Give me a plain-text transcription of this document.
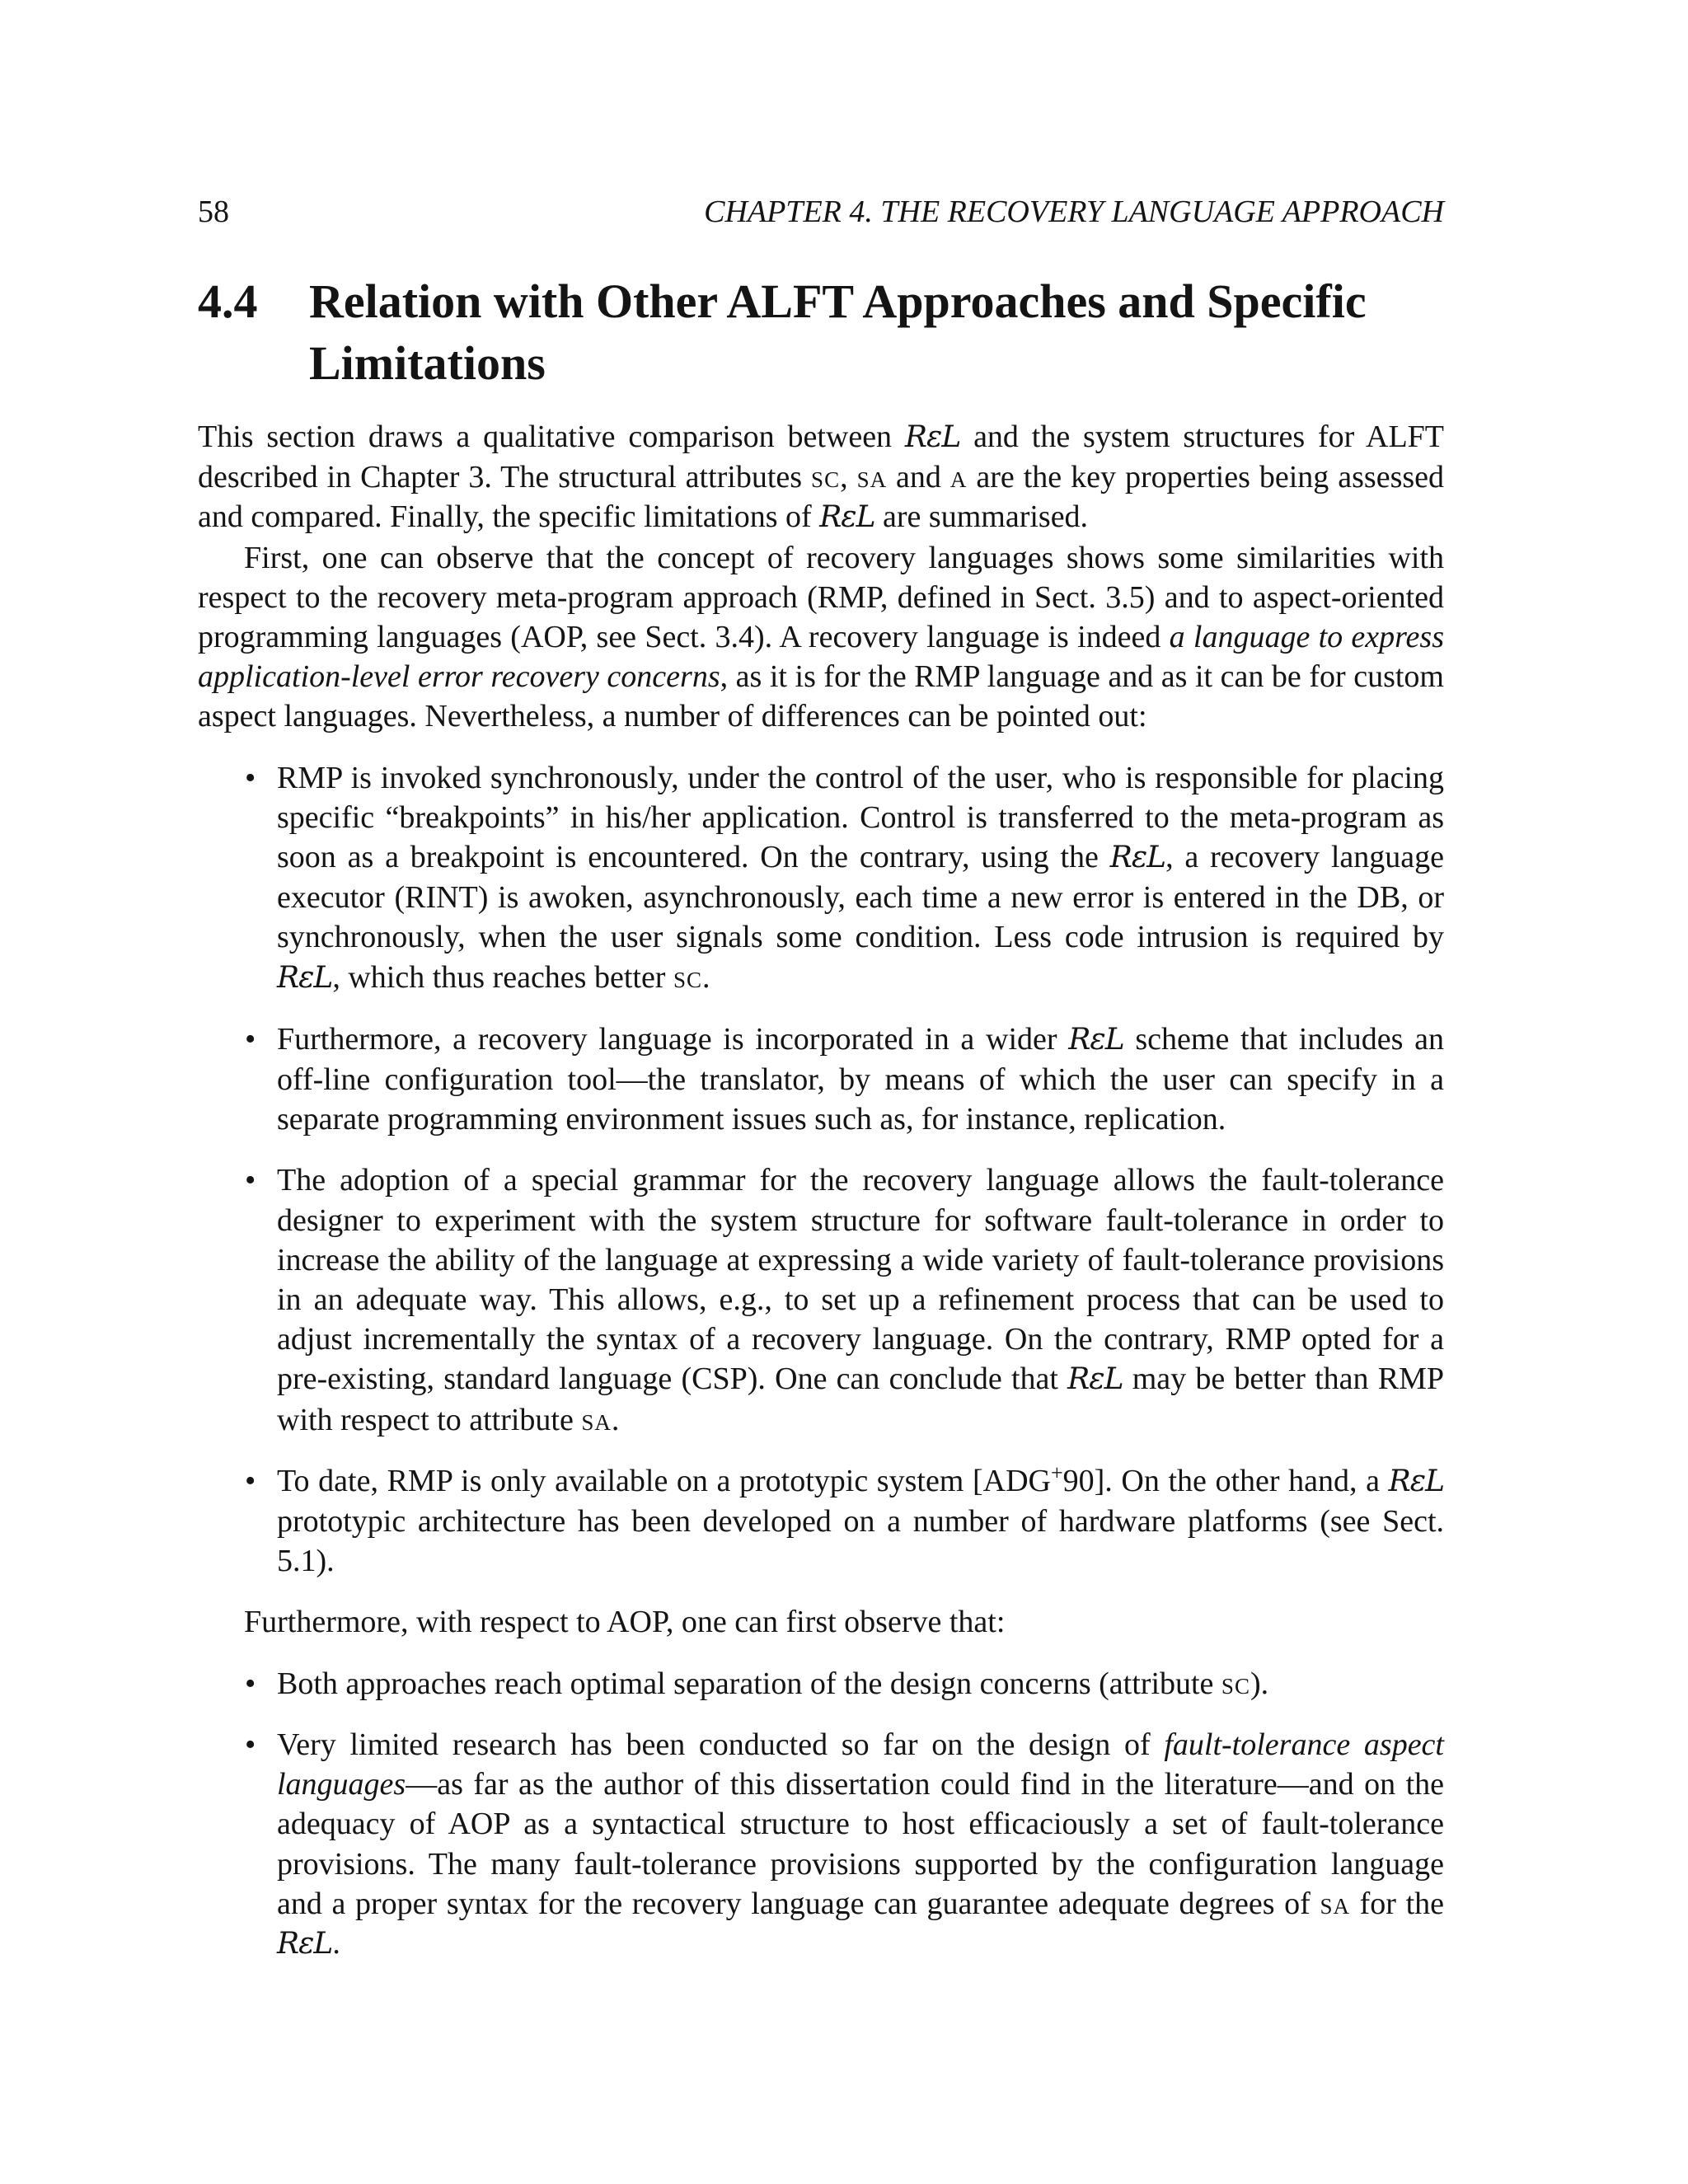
58	CHAPTER 4. THE RECOVERY LANGUAGE APPROACH
4.4	Relation with Other ALFT Approaches and Specific Limitations

This section draws a qualitative comparison between RεL and the system structures for ALFT described in Chapter 3. The structural attributes sc, sa and a are the key properties being assessed and compared. Finally, the specific limitations of RεL are summarised.

First, one can observe that the concept of recovery languages shows some similarities with respect to the recovery meta-program approach (RMP, defined in Sect. 3.5) and to aspect-oriented programming languages (AOP, see Sect. 3.4). A recovery language is indeed a language to express application-level error recovery concerns, as it is for the RMP language and as it can be for custom aspect languages. Nevertheless, a number of differences can be pointed out:

• RMP is invoked synchronously, under the control of the user, who is responsible for placing specific “breakpoints” in his/her application. Control is transferred to the meta-program as soon as a breakpoint is encountered. On the contrary, using the RεL, a recovery language executor (RINT) is awoken, asynchronously, each time a new error is entered in the DB, or synchronously, when the user signals some condition. Less code intrusion is required by RεL, which thus reaches better sc.
• Furthermore, a recovery language is incorporated in a wider RεL scheme that includes an off-line configuration tool—the translator, by means of which the user can specify in a separate programming environment issues such as, for instance, replication.
• The adoption of a special grammar for the recovery language allows the fault-tolerance designer to experiment with the system structure for software fault-tolerance in order to increase the ability of the language at expressing a wide variety of fault-tolerance provisions in an adequate way. This allows, e.g., to set up a refinement process that can be used to adjust incrementally the syntax of a recovery language. On the contrary, RMP opted for a pre-existing, standard language (CSP). One can conclude that RεL may be better than RMP with respect to attribute sa.
• To date, RMP is only available on a prototypic system [ADG+90]. On the other hand, a RεL prototypic architecture has been developed on a number of hardware platforms (see Sect. 5.1).

Furthermore, with respect to AOP, one can first observe that:

• Both approaches reach optimal separation of the design concerns (attribute sc).
• Very limited research has been conducted so far on the design of fault-tolerance aspect languages—as far as the author of this dissertation could find in the literature—and on the adequacy of AOP as a syntactical structure to host efficaciously a set of fault-tolerance provisions. The many fault-tolerance provisions supported by the configuration language and a proper syntax for the recovery language can guarantee adequate degrees of sa for the RεL.
